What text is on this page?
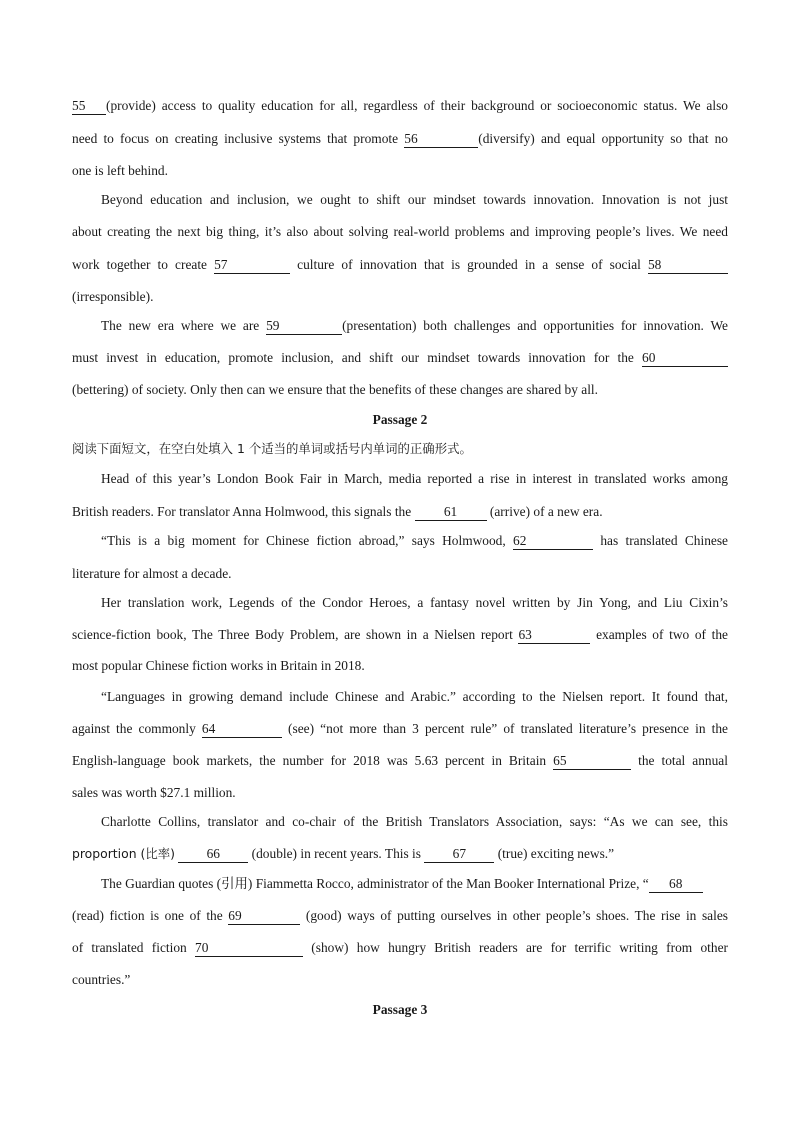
55 (provide) access to quality education for all, regardless of their background or socioeconomic status. We also
need to focus on creating inclusive systems that promote 56	(diversify) and equal opportunity so that no
one is left behind.
Beyond education and inclusion, we ought to shift our mindset towards innovation. Innovation is not just
about creating the next big thing, it’s also about solving real-world problems and improving people’s lives. We need
work together to create 57	culture of innovation that is grounded in a sense of social 58
(irresponsible).
The new era where we are 59	(presentation) both challenges and opportunities for innovation. We
must invest in education, promote inclusion, and shift our mindset towards innovation for the 60
(bettering) of society. Only then can we ensure that the benefits of these changes are shared by all.
Passage 2
阅读下面短文，在空白处填入 1 个适当的单词或括号内单词的正确形式。
Head of this year’s London Book Fair in March, media reported a rise in interest in translated works among
British readers. For translator Anna Holmwood, this signals the 61 (arrive) of a new era.
“This is a big moment for Chinese fiction abroad,” says Holmwood, 62	has translated Chinese
literature for almost a decade.
Her translation work, Legends of the Condor Heroes, a fantasy novel written by Jin Yong, and Liu Cixin’s
science-fiction book, The Three Body Problem, are shown in a Nielsen report 63	examples of two of the
most popular Chinese fiction works in Britain in 2018.
“Languages in growing demand include Chinese and Arabic.” according to the Nielsen report. It found that,
against the commonly 64	(see) “not more than 3 percent rule” of translated literature’s presence in the
English-language book markets, the number for 2018 was 5.63 percent in Britain 65	the total annual
sales was worth $27.1 million.
Charlotte Collins, translator and co-chair of the British Translators Association, says: “As we can see, this
proportion (比率) 66 (double) in recent years. This is 67 (true) exciting news.”
The Guardian quotes (引用) Fiammetta Rocco, administrator of the Man Booker International Prize, “ 68
(read) fiction is one of the 69	(good) ways of putting ourselves in other people’s shoes. The rise in sales
of translated fiction 70	(show) how hungry British readers are for terrific writing from other
countries.”
Passage 3
